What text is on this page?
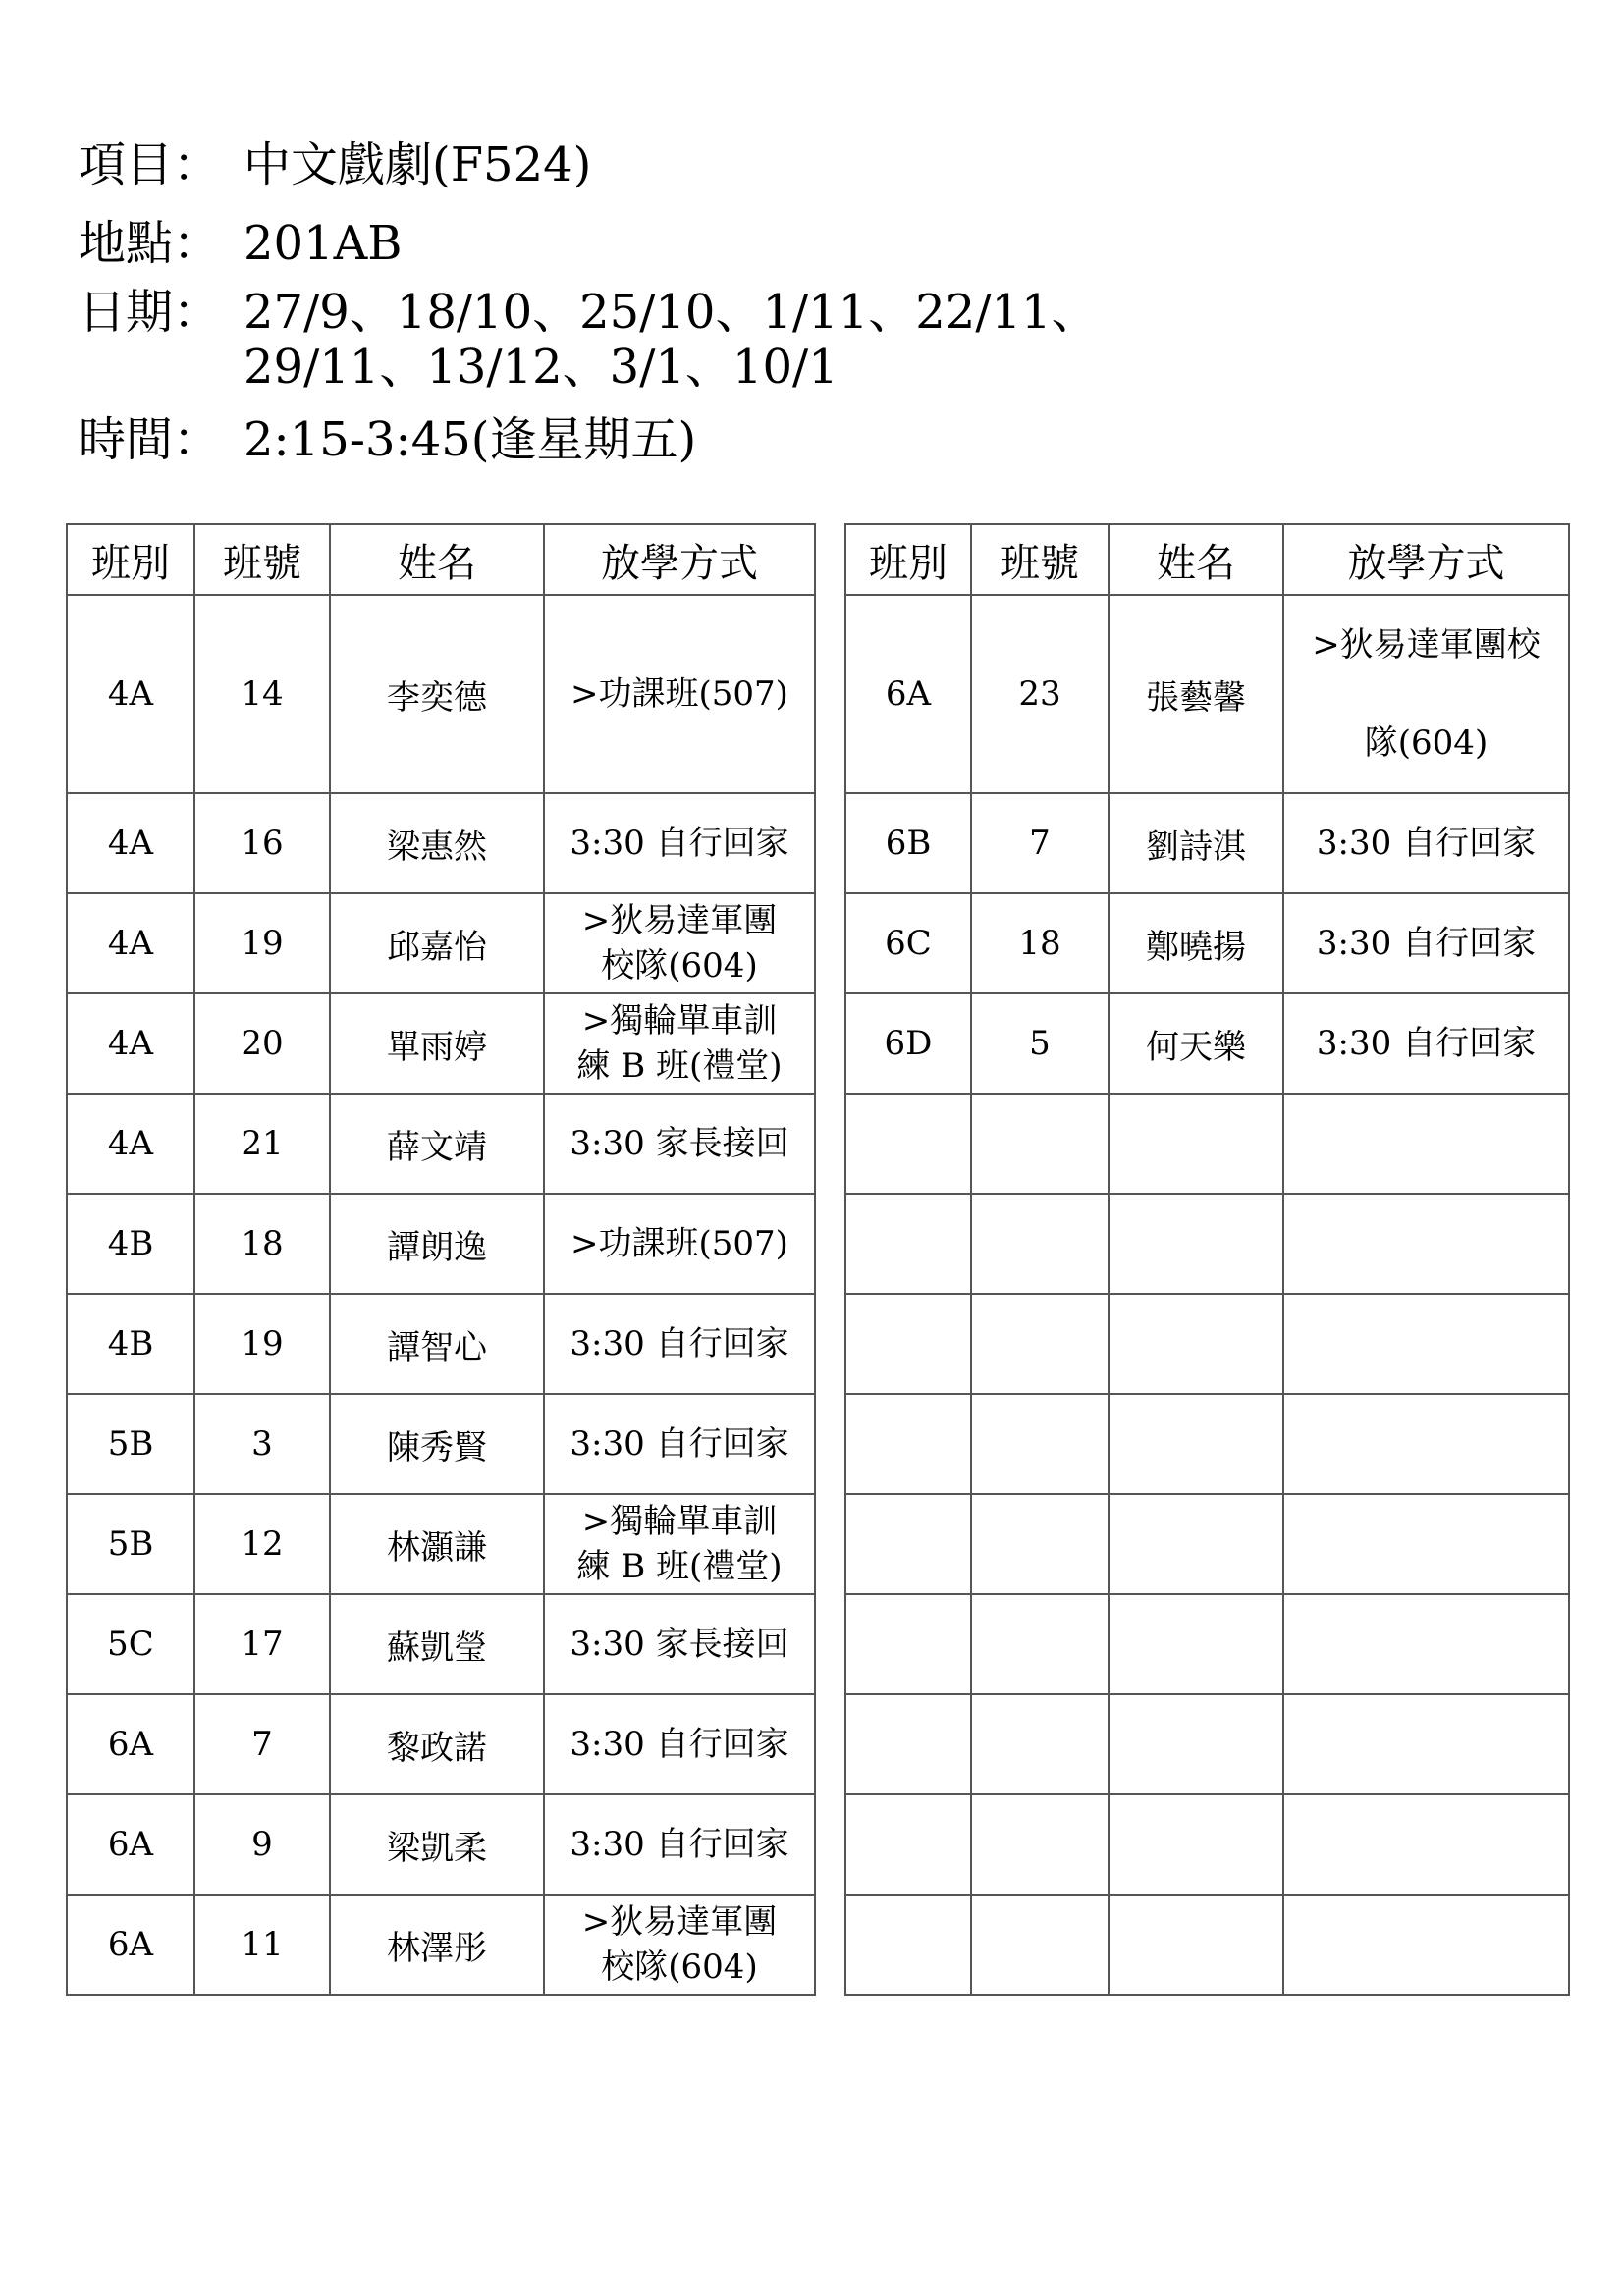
項目： 中文戲劇(F524)
地點： 201AB
日期： 27/9、18/10、25/10、1/11、22/11、
29/11、13/12、3/1、10/1
時間： 2:15-3:45(逢星期五)
班別	班號	姓名	放學方式
4A	14	李奕德	>功課班(507)
4A	16	梁惠然	3:30 自行回家
4A	19	邱嘉怡	>狄易達軍團
校隊(604)
4A	20	單雨婷	>獨輪單車訓
練 B 班(禮堂)
4A	21	薛文靖	3:30 家長接回
4B	18	譚朗逸	>功課班(507)
4B	19	譚智心	3:30 自行回家
5B	3	陳秀賢	3:30 自行回家
5B	12	林灝謙	>獨輪單車訓
練 B 班(禮堂)
5C	17	蘇凱瑩	3:30 家長接回
6A	7	黎政諾	3:30 自行回家
6A	9	梁凱柔	3:30 自行回家
6A	11	林澤彤	>狄易達軍團
校隊(604)
班別	班號	姓名	放學方式
6A	23	張藝馨	>狄易達軍團校
隊(604)
6B	7	劉詩淇	3:30 自行回家
6C	18	鄭曉揚	3:30 自行回家
6D	5	何天樂	3:30 自行回家
